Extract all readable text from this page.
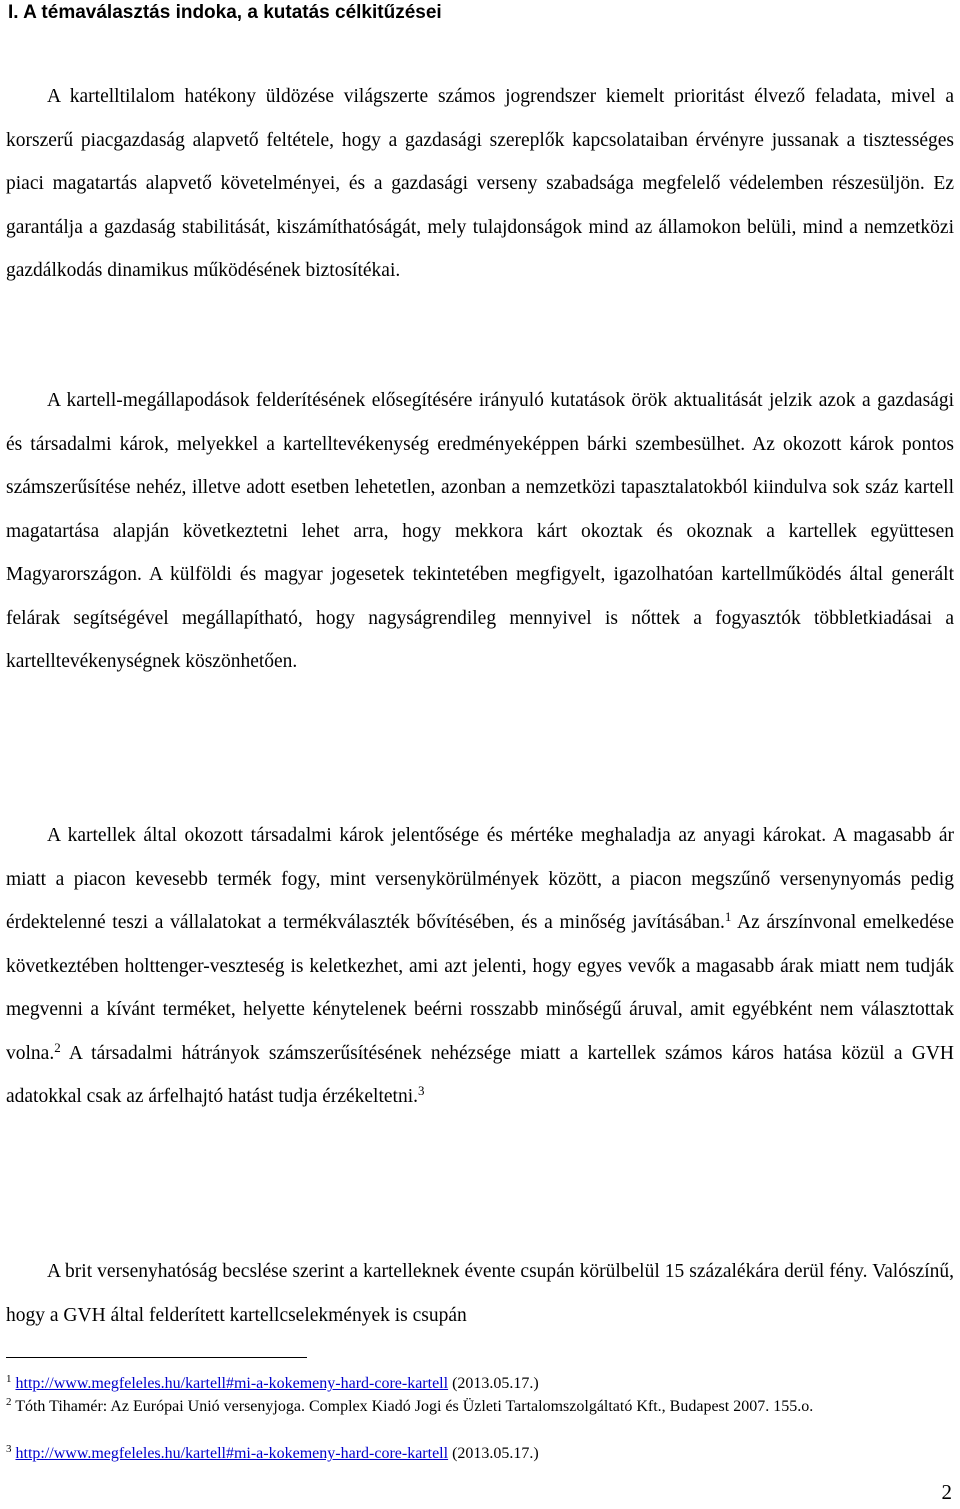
I. A témaválasztás indoka, a kutatás célkitűzései

A kartelltilalom hatékony üldözése világszerte számos jogrendszer kiemelt prioritást élvező feladata, mivel a korszerű piacgazdaság alapvető feltétele, hogy a gazdasági szereplők kapcsolataiban érvényre jussanak a tisztességes piaci magatartás alapvető követelményei, és a gazdasági verseny szabadsága megfelelő védelemben részesüljön. Ez garantálja a gazdaság stabilitását, kiszámíthatóságát, mely tulajdonságok mind az államokon belüli, mind a nemzetközi gazdálkodás dinamikus működésének biztosítékai.

A kartell-megállapodások felderítésének elősegítésére irányuló kutatások örök aktualitását jelzik azok a gazdasági és társadalmi károk, melyekkel a kartelltevékenység eredményeképpen bárki szembesülhet. Az okozott károk pontos számszerűsítése nehéz, illetve adott esetben lehetetlen, azonban a nemzetközi tapasztalatokból kiindulva sok száz kartell magatartása alapján következtetni lehet arra, hogy mekkora kárt okoztak és okoznak a kartellek együttesen Magyarországon. A külföldi és magyar jogesetek tekintetében megfigyelt, igazolhatóan kartellműködés által generált felárak segítségével megállapítható, hogy nagyságrendileg mennyivel is nőttek a fogyasztók többletkiadásai a kartelltevékenységnek köszönhetően.

A kartellek által okozott társadalmi károk jelentősége és mértéke meghaladja az anyagi károkat. A magasabb ár miatt a piacon kevesebb termék fogy, mint versenykörülmények között, a piacon megszűnő versenynyomás pedig érdektelenné teszi a vállalatokat a termékválaszték bővítésében, és a minőség javításában.$^1$ Az árszínvonal emelkedése következtében holttenger-veszteség is keletkezhet, ami azt jelenti, hogy egyes vevők a magasabb árak miatt nem tudják megvenni a kívánt terméket, helyette kénytelenek beérni rosszabb minőségű áruval, amit egyébként nem választottak volna.$^2$ A társadalmi hátrányok számszerűsítésének nehézsége miatt a kartellek számos káros hatása közül a GVH adatokkal csak az árfelhajtó hatást tudja érzékeltetni.$^3$

A brit versenyhatóság becslése szerint a kartelleknek évente csupán körülbelül 15 százalékára derül fény. Valószínű, hogy a GVH által felderített kartellcselekmények is csupán

$^1$ http://www.megfeleles.hu/kartell#mi-a-kokemeny-hard-core-kartell (2013.05.17.)

$^2$ Tóth Tihamér: Az Európai Unió versenyjoga. Complex Kiadó Jogi és Üzleti Tartalomszolgáltató Kft., Budapest 2007. 155.o.

$^3$ http://www.megfeleles.hu/kartell#mi-a-kokemeny-hard-core-kartell (2013.05.17.)

2
